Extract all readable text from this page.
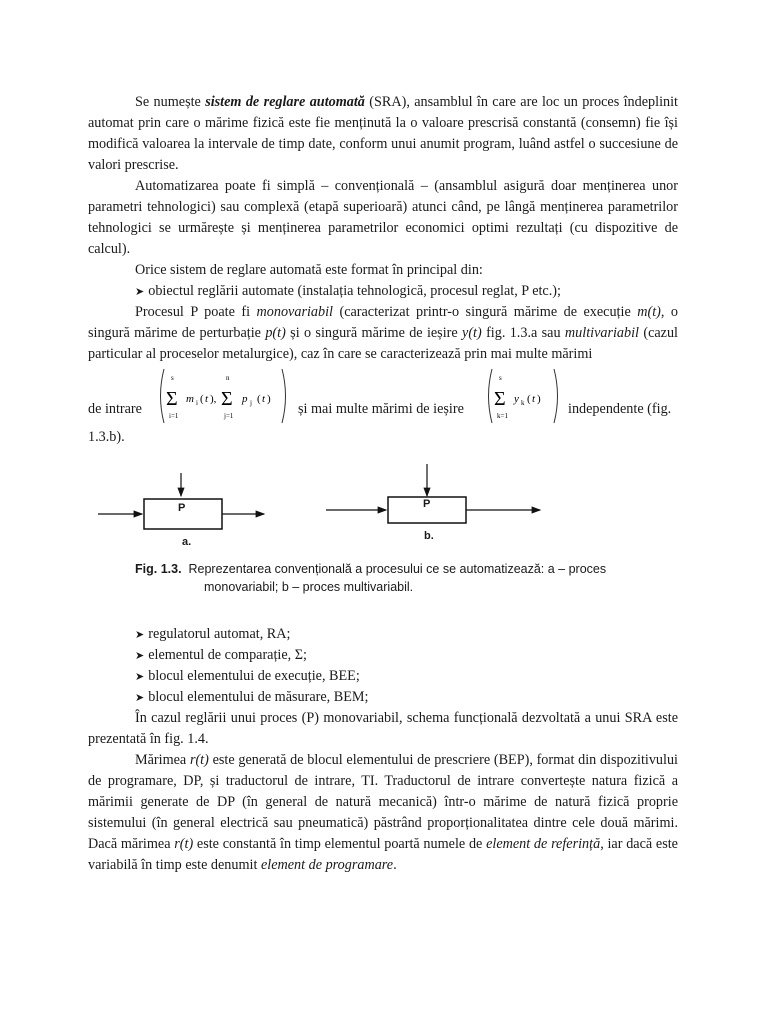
Se numește sistem de reglare automată (SRA), ansamblul în care are loc un proces îndeplinit automat prin care o mărime fizică este fie menținută la o valoare prescrisă constantă (consemn) fie își modifică valoarea la intervale de timp date, conform unui anumit program, luând astfel o succesiune de valori prescrise.

Automatizarea poate fi simplă – convențională – (ansamblul asigură doar menținerea unor parametri tehnologici) sau complexă (etapă superioară) atunci când, pe lângă menținerea parametrilor tehnologici se urmărește și menținerea parametrilor economici optimi rezultați (cu dispozitive de calcul).

Orice sistem de reglare automată este format în principal din:

➤ obiectul reglării automate (instalația tehnologică, procesul reglat, P etc.);

Procesul P poate fi monovariabil (caracterizat printr-o singură mărime de execuție m(t), o singură mărime de perturbație p(t) și o singură mărime de ieșire y(t) fig. 1.3.a sau multivariabil (cazul particular al proceselor metalurgice), caz în care se caracterizează prin mai multe mărimi

de intrare
s
Σ
i=1
m i ( t ),
n
Σ
j=1
p j ( t )
și mai multe mărimi de ieșire
s
Σ
k=1
y k ( t )
independente (fig.

1.3.b).

P	P
a.	b.
Fig. 1.3. Reprezentarea convențională a procesului ce se automatizează: a – proces
monovariabil; b – proces multivariabil.

➤ regulatorul automat, RA;

➤ elementul de comparație, Σ;

➤ blocul elementului de execuție, BEE;

➤ blocul elementului de măsurare, BEM;

În cazul reglării unui proces (P) monovariabil, schema funcțională dezvoltată a unui SRA este prezentată în fig. 1.4.

Mărimea r(t) este generată de blocul elementului de prescriere (BEP), format din dispozitivului de programare, DP, și traductorul de intrare, TI. Traductorul de intrare convertește natura fizică a mărimii generate de DP (în general de natură mecanică) într-o mărime de natură fizică proprie sistemului (în general electrică sau pneumatică) păstrând proporționalitatea dintre cele două mărimi. Dacă mărimea r(t) este constantă în timp elementul poartă numele de element de referință, iar dacă este variabilă în timp este denumit element de programare.
